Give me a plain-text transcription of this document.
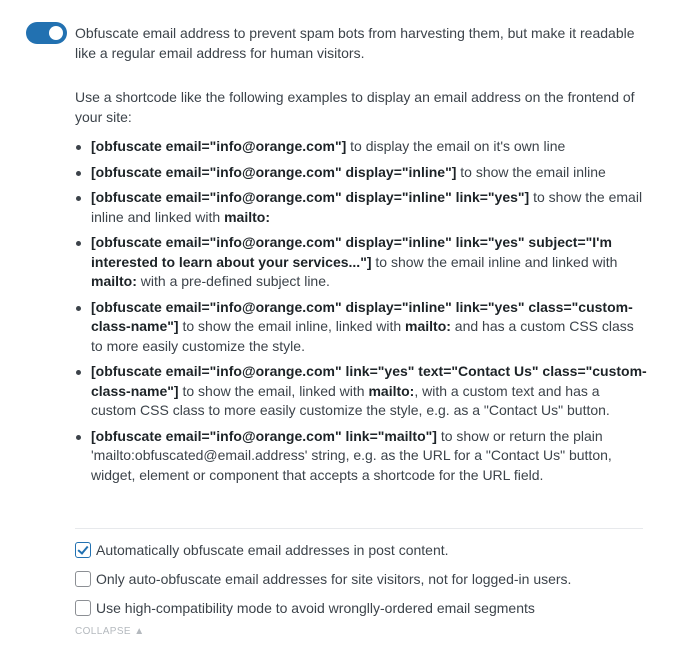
Obfuscate email address to prevent spam bots from harvesting them, but make it readable like a regular email address for human visitors.

Use a shortcode like the following examples to display an email address on the frontend of your site:

[obfuscate email="info@orange.com"] to display the email on it's own line
[obfuscate email="info@orange.com" display="inline"] to show the email inline
[obfuscate email="info@orange.com" display="inline" link="yes"] to show the email inline and linked with mailto:
[obfuscate email="info@orange.com" display="inline" link="yes" subject="I'm interested to learn about your services..."] to show the email inline and linked with mailto: with a pre-defined subject line.
[obfuscate email="info@orange.com" display="inline" link="yes" class="custom-class-name"] to show the email inline, linked with mailto: and has a custom CSS class to more easily customize the style.
[obfuscate email="info@orange.com" link="yes" text="Contact Us" class="custom-class-name"] to show the email, linked with mailto:, with a custom text and has a custom CSS class to more easily customize the style, e.g. as a "Contact Us" button.
[obfuscate email="info@orange.com" link="mailto"] to show or return the plain 'mailto:obfuscated@email.address' string, e.g. as the URL for a "Contact Us" button, widget, element or component that accepts a shortcode for the URL field.
Automatically obfuscate email addresses in post content.
Only auto-obfuscate email addresses for site visitors, not for logged-in users.
Use high-compatibility mode to avoid wronglly-ordered email segments
COLLAPSE ▲
